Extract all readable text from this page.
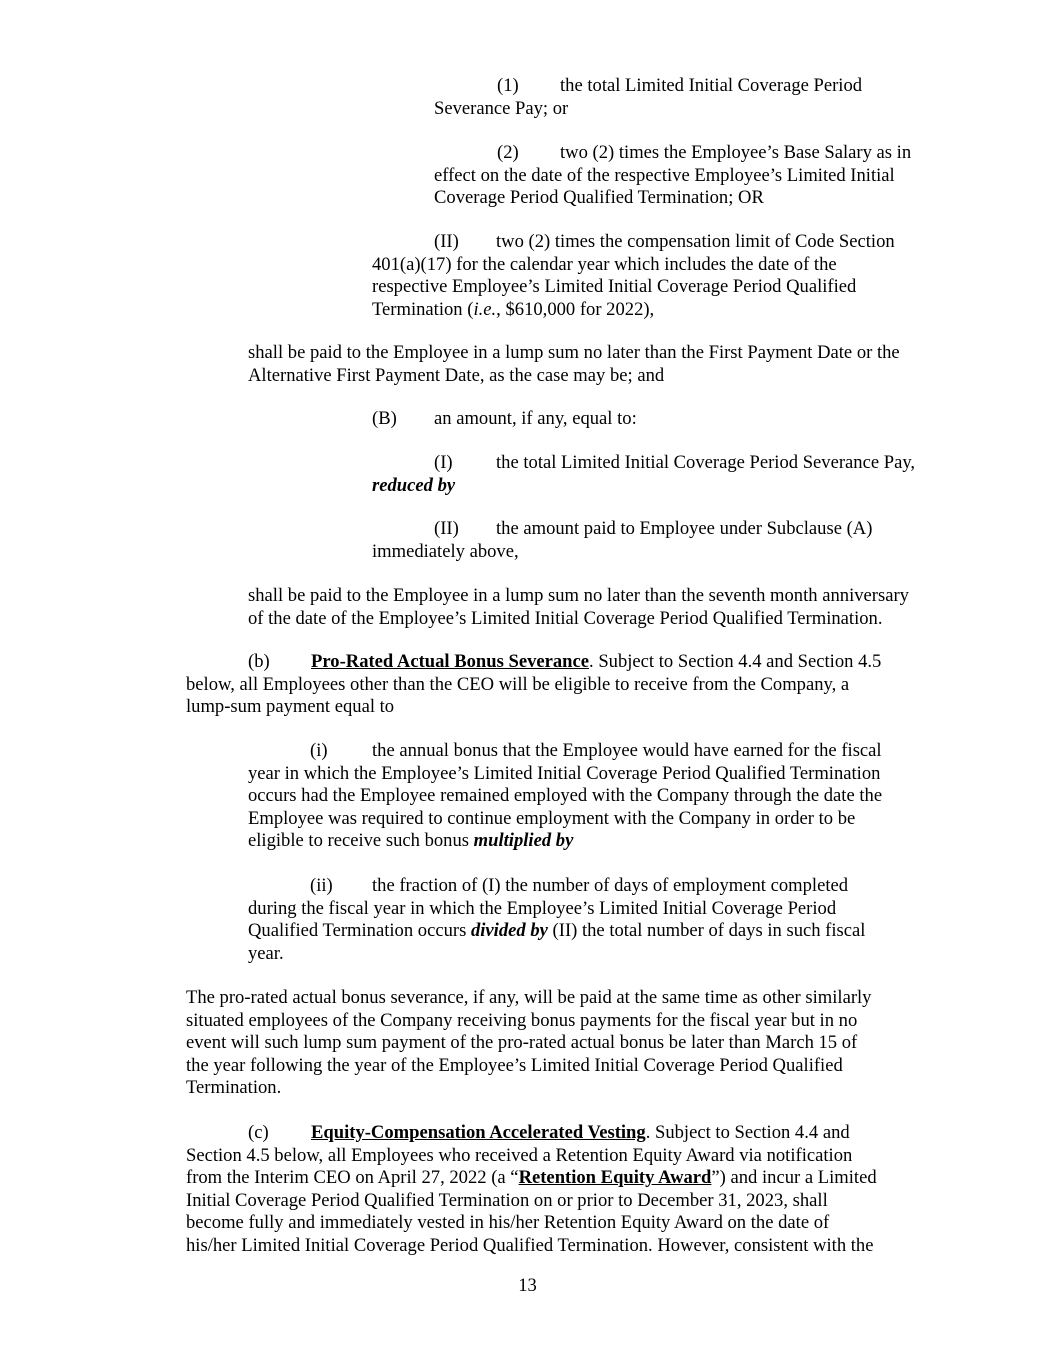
(1) the total Limited Initial Coverage Period
Severance Pay; or
(2) two (2) times the Employee’s Base Salary as in
effect on the date of the respective Employee’s Limited Initial
Coverage Period Qualified Termination; OR
(II) two (2) times the compensation limit of Code Section
401(a)(17) for the calendar year which includes the date of the
respective Employee’s Limited Initial Coverage Period Qualified
Termination (i.e., $610,000 for 2022),
shall be paid to the Employee in a lump sum no later than the First Payment Date or the
Alternative First Payment Date, as the case may be; and
(B) an amount, if any, equal to:
(I) the total Limited Initial Coverage Period Severance Pay,
reduced by
(II) the amount paid to Employee under Subclause (A)
immediately above,
shall be paid to the Employee in a lump sum no later than the seventh month anniversary
of the date of the Employee’s Limited Initial Coverage Period Qualified Termination.
(b) Pro-Rated Actual Bonus Severance. Subject to Section 4.4 and Section 4.5
below, all Employees other than the CEO will be eligible to receive from the Company, a
lump-sum payment equal to
(i) the annual bonus that the Employee would have earned for the fiscal
year in which the Employee’s Limited Initial Coverage Period Qualified Termination
occurs had the Employee remained employed with the Company through the date the
Employee was required to continue employment with the Company in order to be
eligible to receive such bonus multiplied by
(ii) the fraction of (I) the number of days of employment completed
during the fiscal year in which the Employee’s Limited Initial Coverage Period
Qualified Termination occurs divided by (II) the total number of days in such fiscal
year.
The pro-rated actual bonus severance, if any, will be paid at the same time as other similarly
situated employees of the Company receiving bonus payments for the fiscal year but in no
event will such lump sum payment of the pro-rated actual bonus be later than March 15 of
the year following the year of the Employee’s Limited Initial Coverage Period Qualified
Termination.
(c) Equity-Compensation Accelerated Vesting. Subject to Section 4.4 and
Section 4.5 below, all Employees who received a Retention Equity Award via notification
from the Interim CEO on April 27, 2022 (a “Retention Equity Award”) and incur a Limited
Initial Coverage Period Qualified Termination on or prior to December 31, 2023, shall
become fully and immediately vested in his/her Retention Equity Award on the date of
his/her Limited Initial Coverage Period Qualified Termination. However, consistent with the
13
